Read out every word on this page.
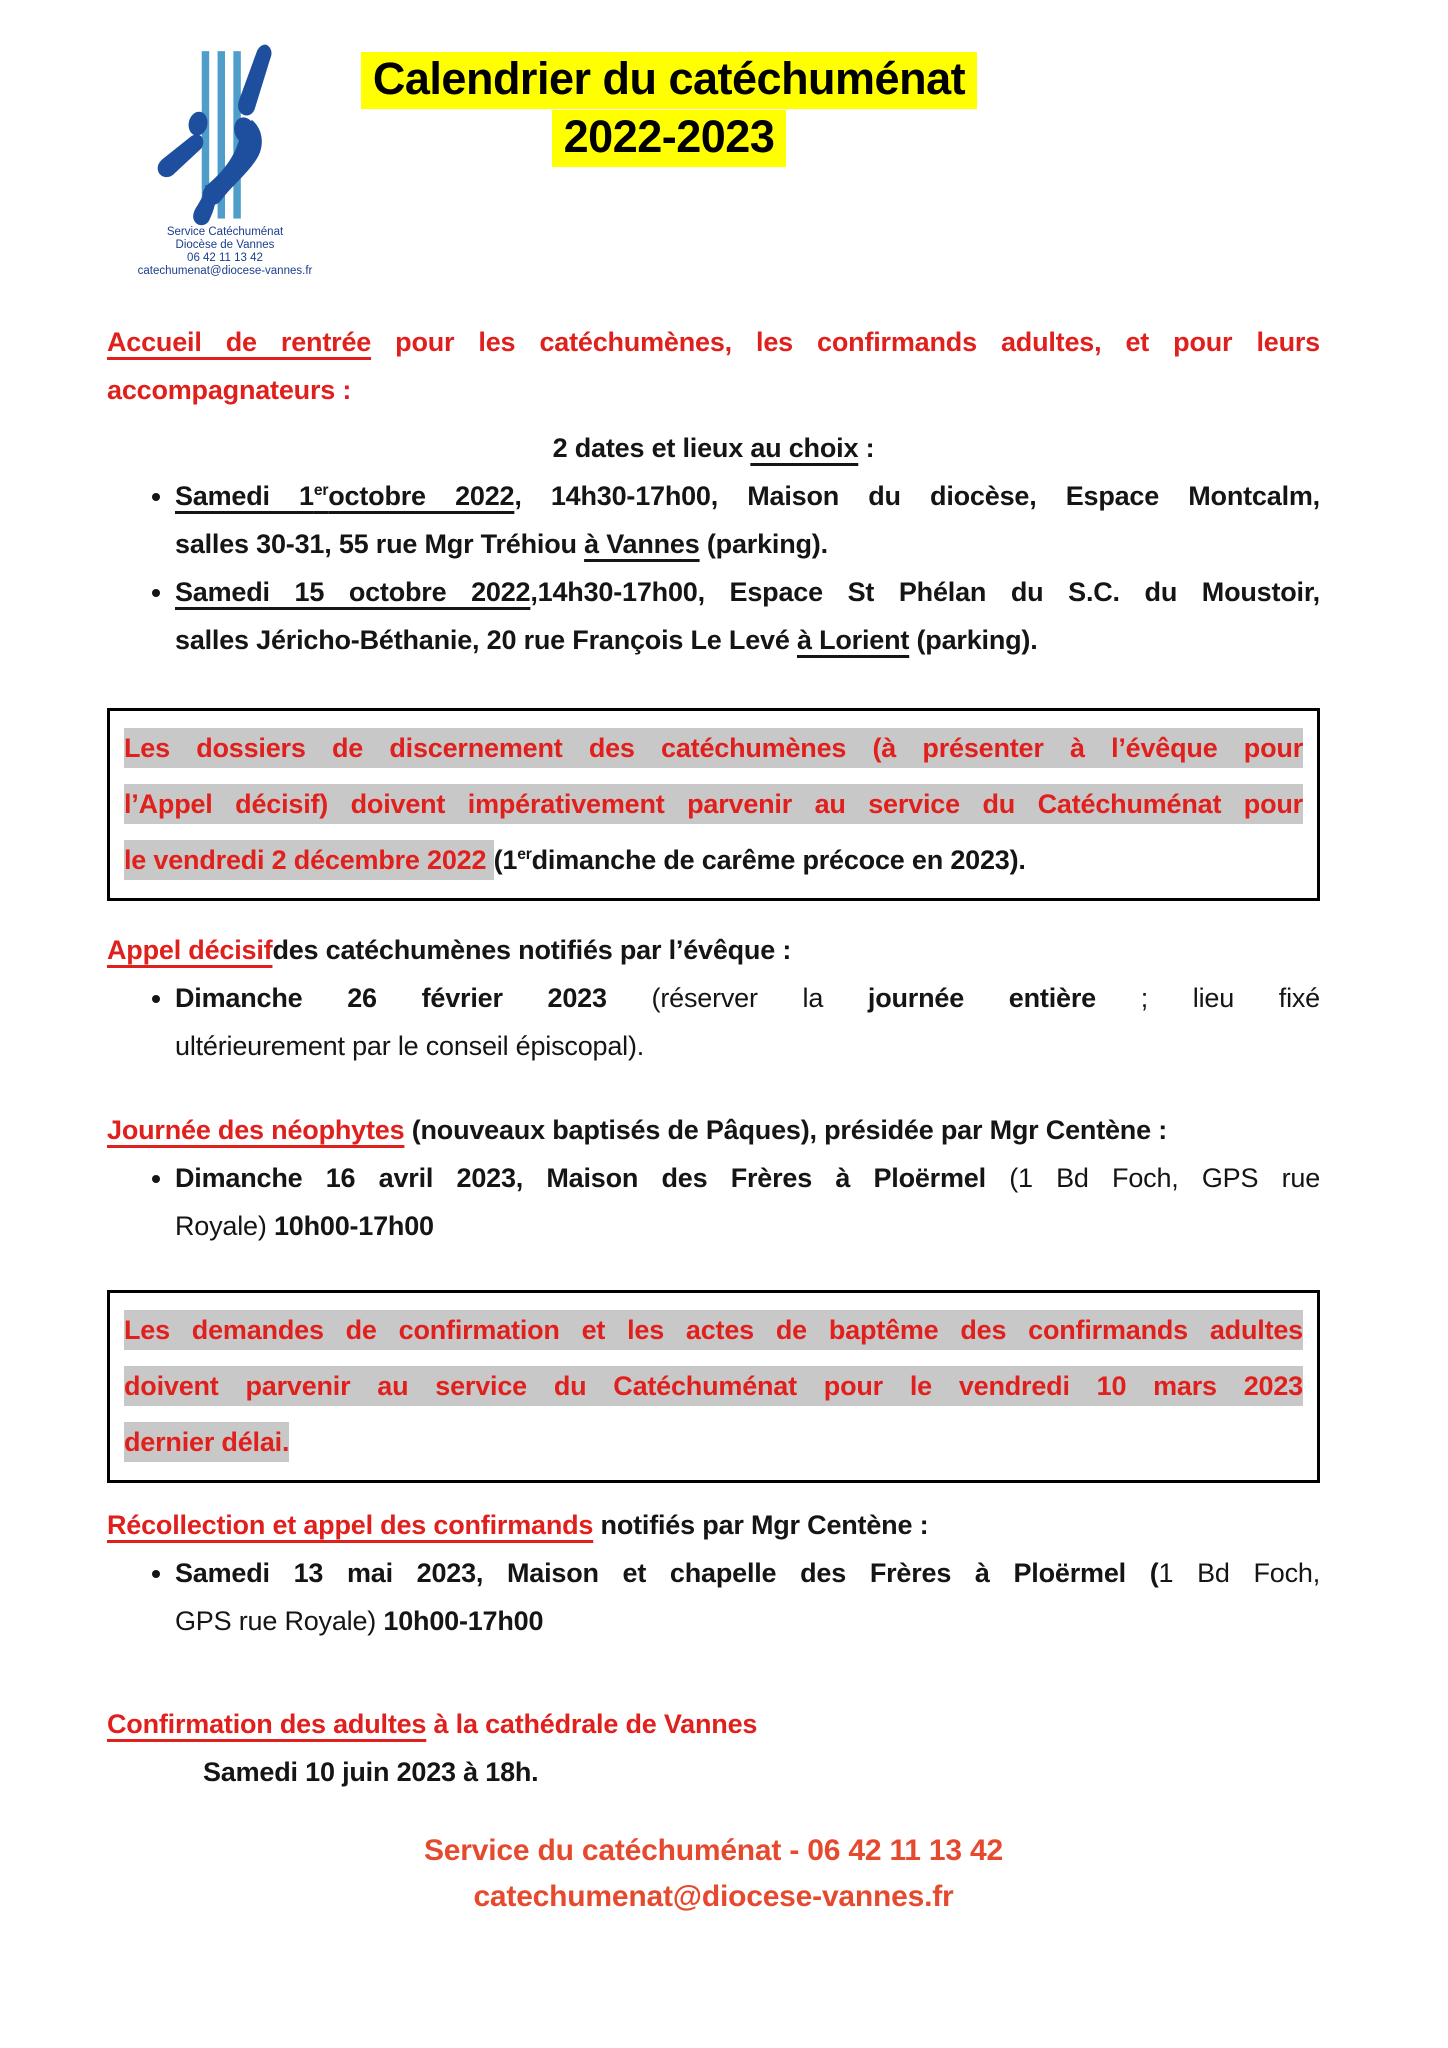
Service Catéchuménat
Diocèse de Vannes
06 42 11 13 42
catechumenat@diocese-vannes.fr
Calendrier du catéchuménat
2022-2023

Accueil de rentrée pour les catéchumènes, les confirmands adultes, et pour leurs
accompagnateurs :

2 dates et lieux au choix :

• Samedi 1eroctobre 2022, 14h30-17h00, Maison du diocèse, Espace Montcalm,
salles 30-31, 55 rue Mgr Tréhiou à Vannes (parking).
• Samedi 15 octobre 2022,14h30-17h00, Espace St Phélan du S.C. du Moustoir,
salles Jéricho-Béthanie, 20 rue François Le Levé à Lorient (parking).
Les dossiers de discernement des catéchumènes (à présenter à l’évêque pour
l’Appel décisif) doivent impérativement parvenir au service du Catéchuménat pour
le vendredi 2 décembre 2022 (1erdimanche de carême précoce en 2023).

Appel décisifdes catéchumènes notifiés par l’évêque :

• Dimanche 26 février 2023 (réserver la journée entière ; lieu fixé
ultérieurement par le conseil épiscopal).

Journée des néophytes (nouveaux baptisés de Pâques), présidée par Mgr Centène :

• Dimanche 16 avril 2023, Maison des Frères à Ploërmel (1 Bd Foch, GPS rue
Royale) 10h00-17h00
Les demandes de confirmation et les actes de baptême des confirmands adultes
doivent parvenir au service du Catéchuménat pour le vendredi 10 mars 2023
dernier délai.

Récollection et appel des confirmands notifiés par Mgr Centène :

• Samedi 13 mai 2023, Maison et chapelle des Frères à Ploërmel (1 Bd Foch,
GPS rue Royale) 10h00-17h00

Confirmation des adultes à la cathédrale de Vannes

Samedi 10 juin 2023 à 18h.

Service du catéchuménat - 06 42 11 13 42
catechumenat@diocese-vannes.fr
